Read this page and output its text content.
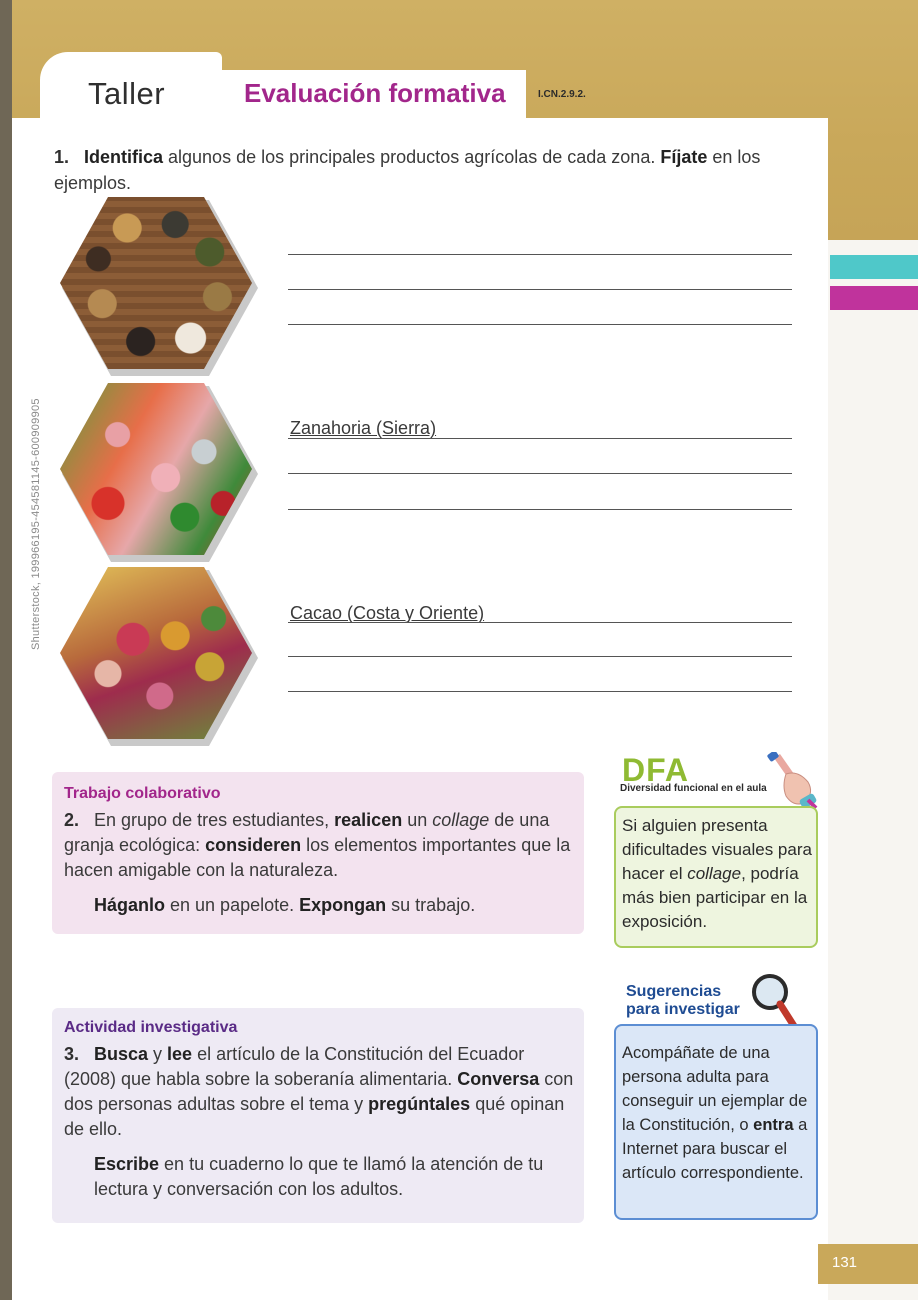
Taller	Evaluación formativa	I.CN.2.9.2.
1. Identifica algunos de los principales productos agrícolas de cada zona. Fíjate en los ejemplos.
Zanahoria (Sierra)
Cacao (Costa y Oriente)
Shutterstock, 199966195-454581145-600909905
Trabajo colaborativo
2. En grupo de tres estudiantes, realicen un collage de una granja ecológica: consideren los elementos importantes que la hacen amigable con la naturaleza.
Háganlo en un papelote. Expongan su trabajo.
Actividad investigativa
3. Busca y lee el artículo de la Constitución del Ecuador (2008) que habla sobre la soberanía alimentaria. Conversa con dos personas adultas sobre el tema y pregúntales qué opinan de ello.
Escribe en tu cuaderno lo que te llamó la atención de tu lectura y conversación con los adultos.
DFA
Diversidad funcional en el aula
Si alguien presenta dificultades visuales para hacer el collage, podría más bien participar en la exposición.
Sugerencias
para investigar
Acompáñate de una persona adulta para conseguir un ejemplar de la Constitución, o entra a Internet para buscar el artículo correspondiente.
131
